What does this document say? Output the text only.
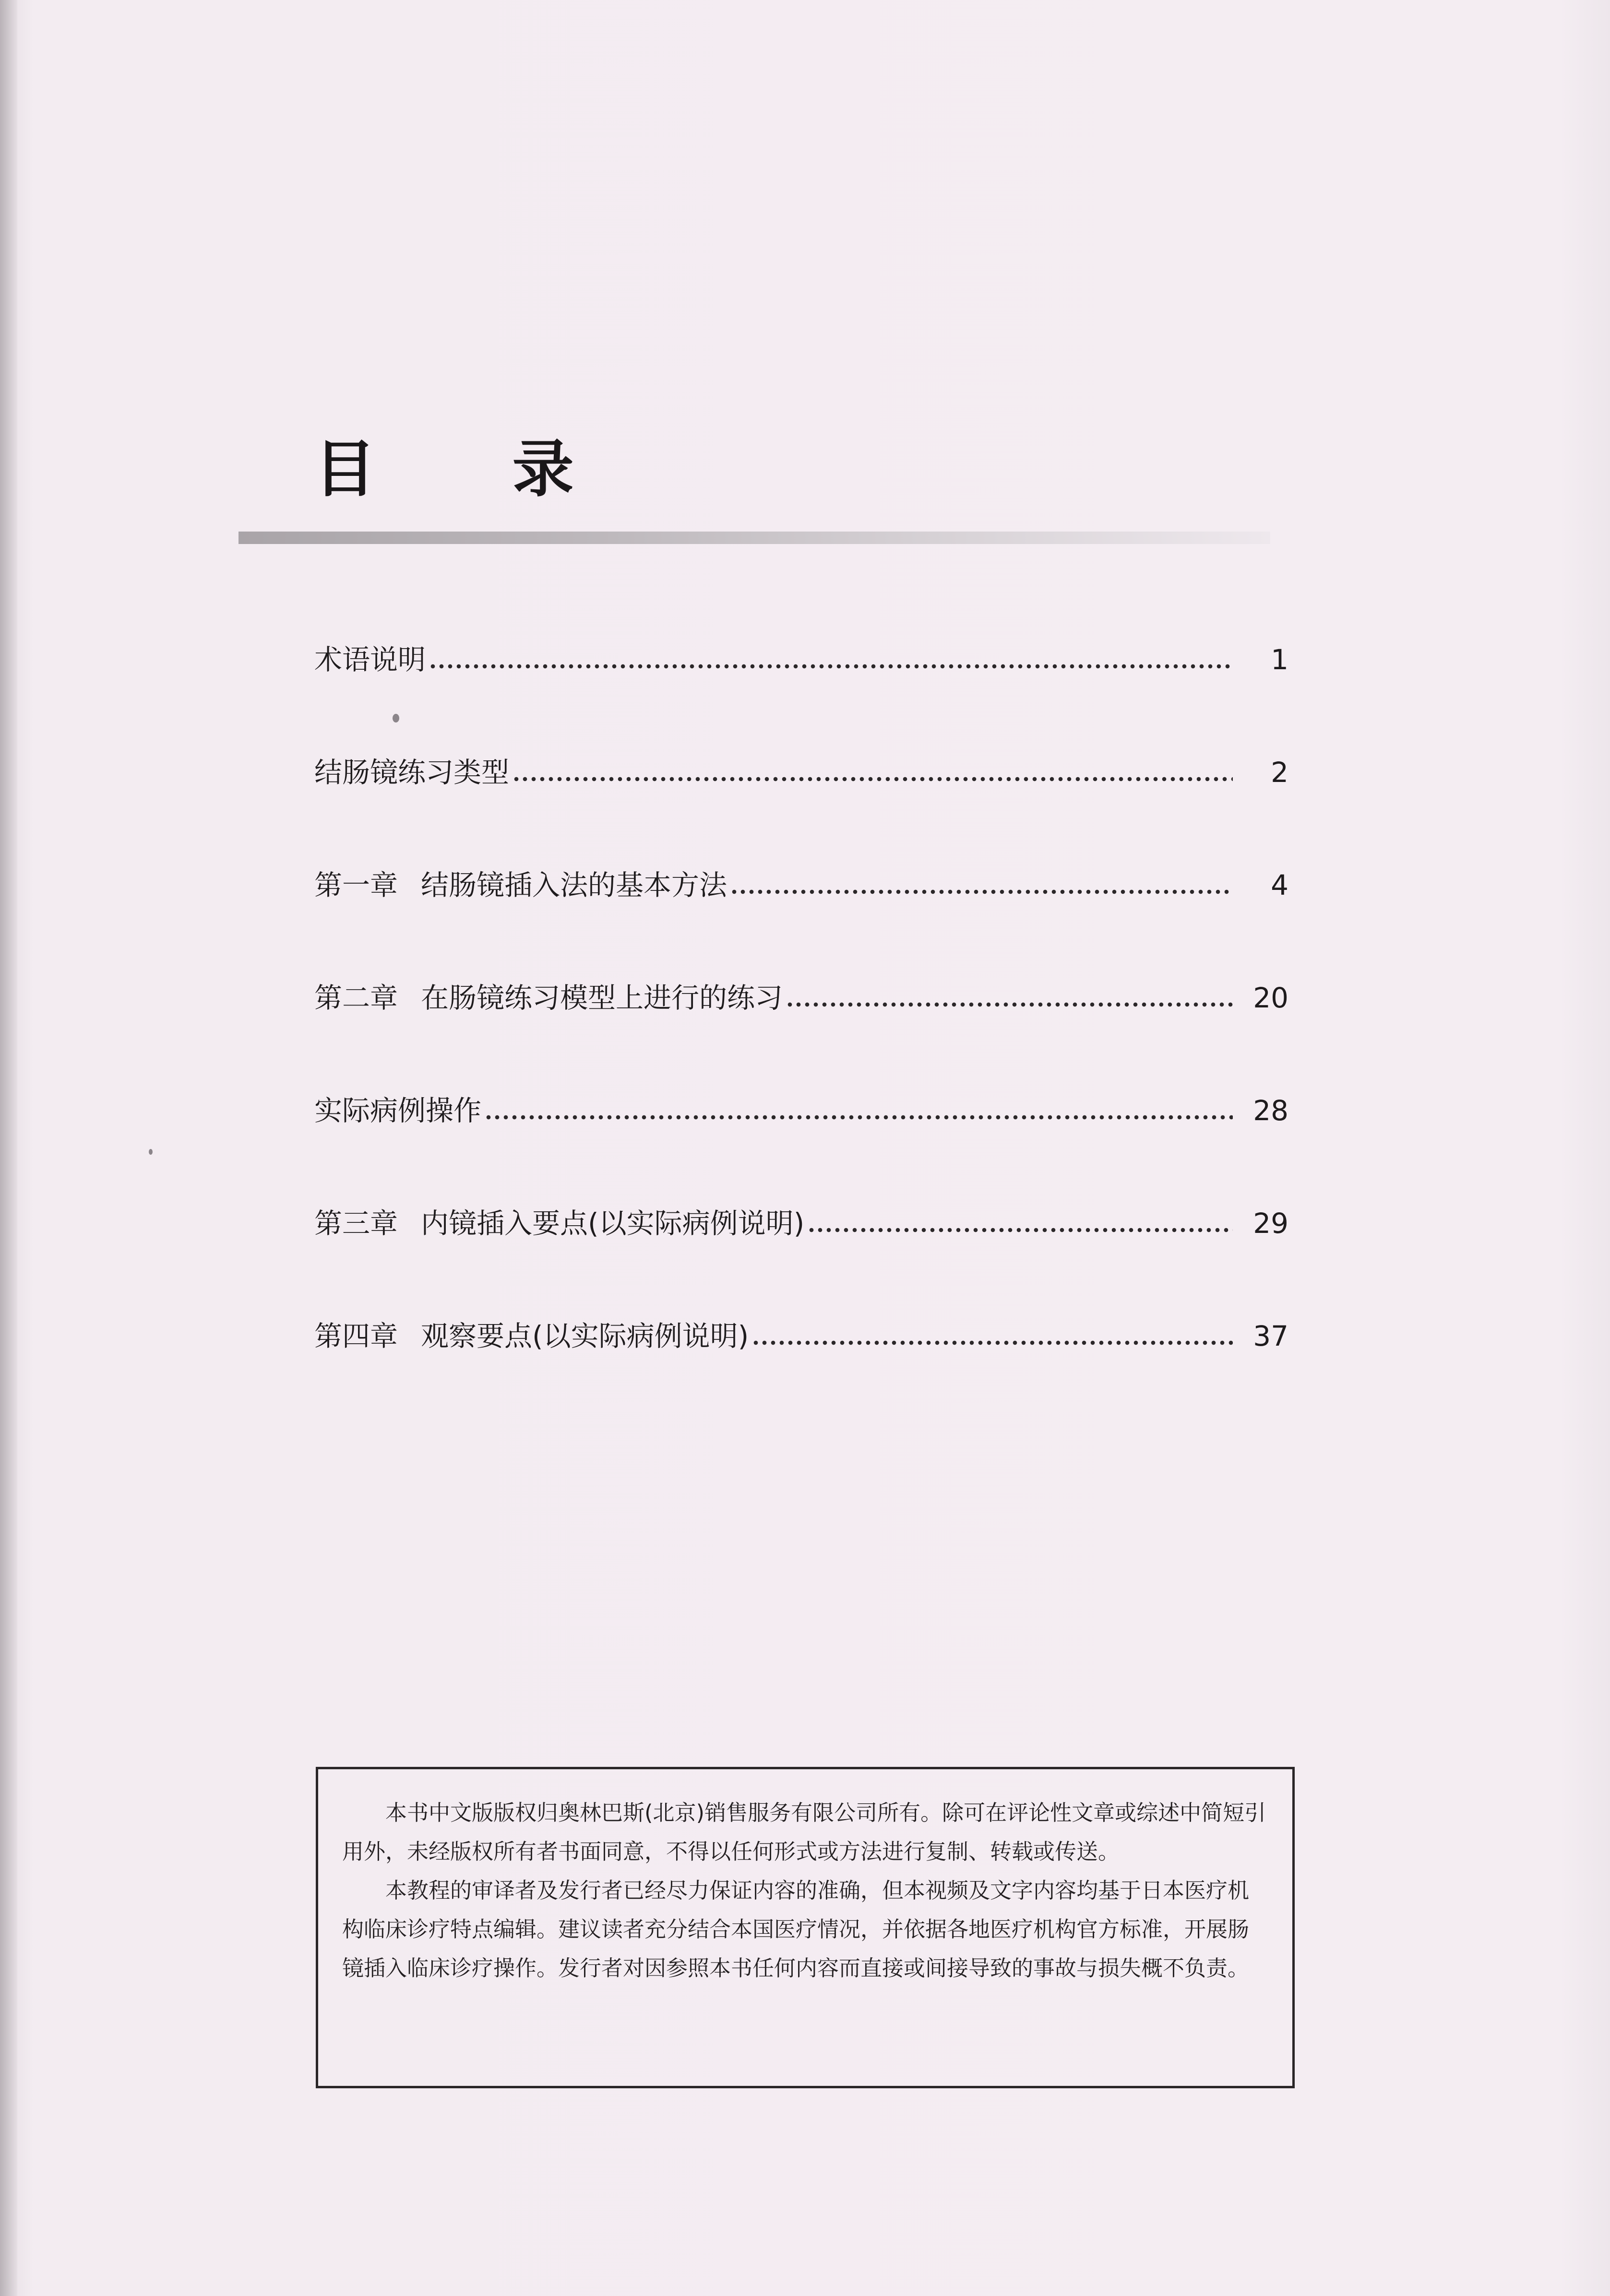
目 录
术语说明	1
结肠镜练习类型	2
第一章 结肠镜插入法的基本方法	4
第二章 在肠镜练习模型上进行的练习	20
实际病例操作	28
第三章 内镜插入要点(以实际病例说明)	29
第四章 观察要点(以实际病例说明)	37

本书中文版版权归奥林巴斯(北京)销售服务有限公司所有。除可在评论性文章或综述中简短引用外，未经版权所有者书面同意，不得以任何形式或方法进行复制、转载或传送。

本教程的审译者及发行者已经尽力保证内容的准确，但本视频及文字内容均基于日本医疗机构临床诊疗特点编辑。建议读者充分结合本国医疗情况，并依据各地医疗机构官方标准，开展肠镜插入临床诊疗操作。发行者对因参照本书任何内容而直接或间接导致的事故与损失概不负责。
